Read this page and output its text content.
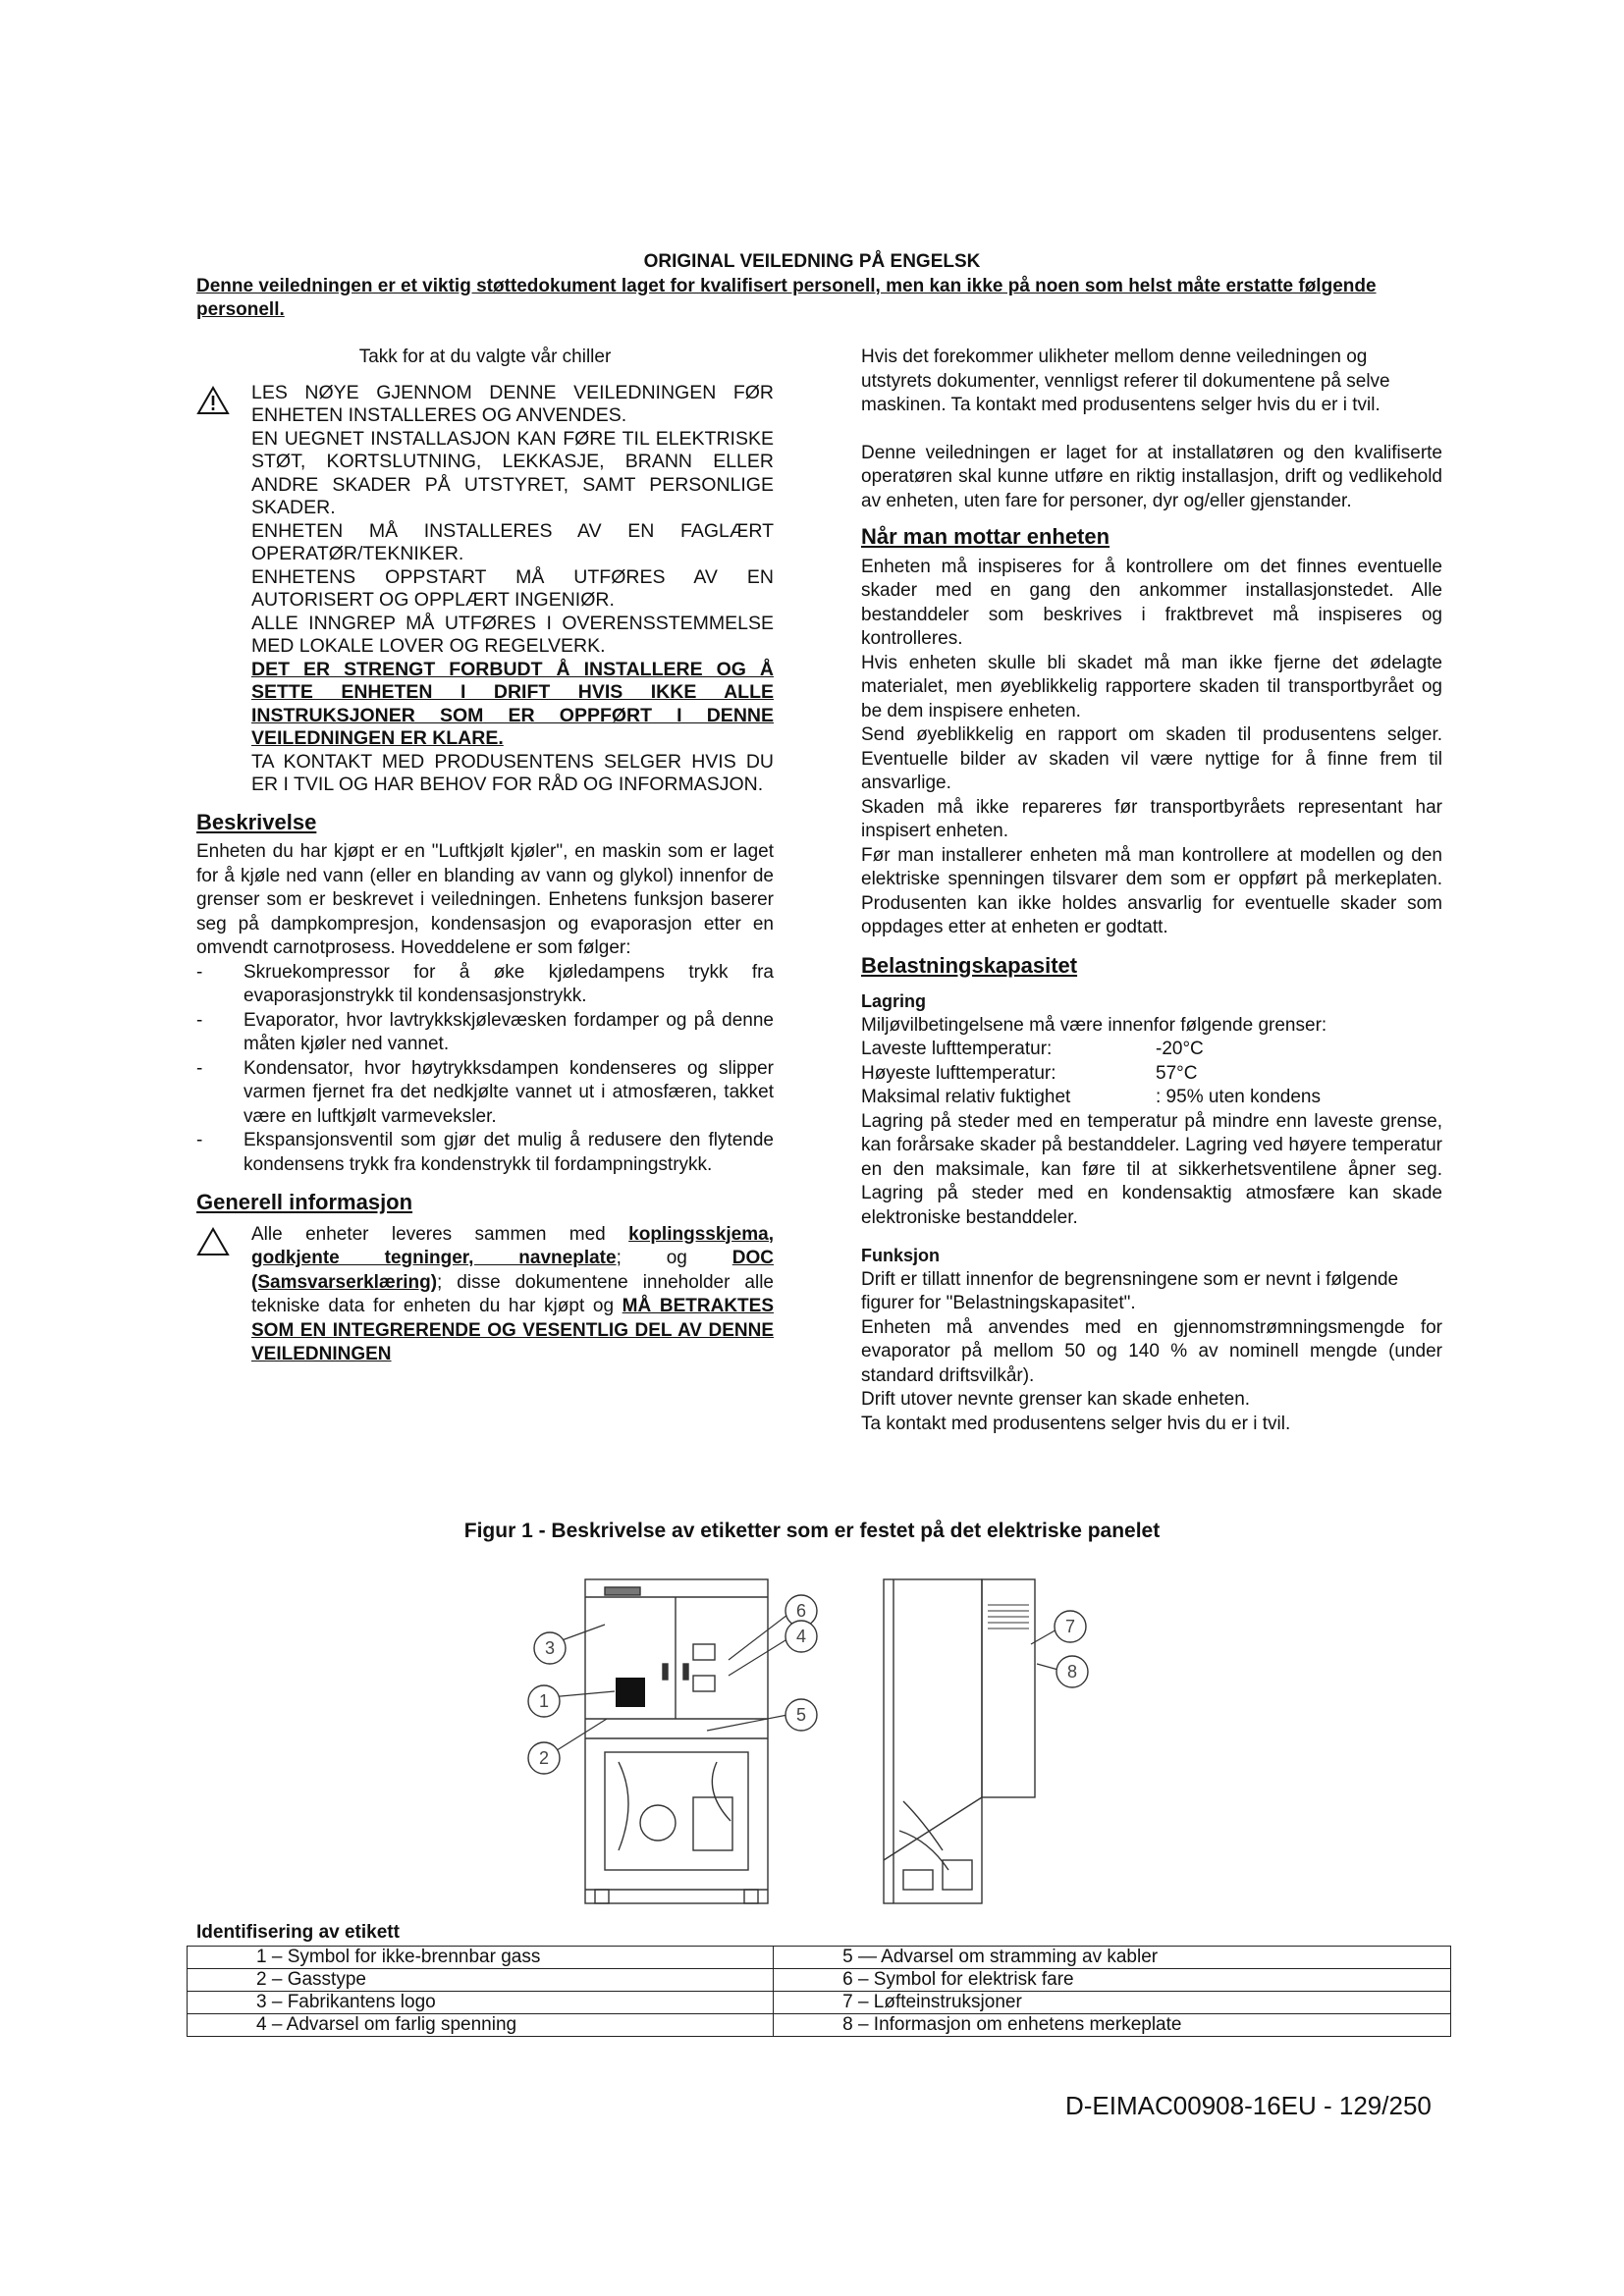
ORIGINAL VEILEDNING PÅ ENGELSK
Denne veiledningen er et viktig støttedokument laget for kvalifisert personell, men kan ikke på noen som helst måte erstatte følgende personell.

Takk for at du valgte vår chiller

LES NØYE GJENNOM DENNE VEILEDNINGEN FØR ENHETEN INSTALLERES OG ANVENDES.

EN UEGNET INSTALLASJON KAN FØRE TIL ELEKTRISKE STØT, KORTSLUTNING, LEKKASJE, BRANN ELLER ANDRE SKADER PÅ UTSTYRET, SAMT PERSONLIGE SKADER.

ENHETEN MÅ INSTALLERES AV EN FAGLÆRT OPERATØR/TEKNIKER.

ENHETENS OPPSTART MÅ UTFØRES AV EN AUTORISERT OG OPPLÆRT INGENIØR.

ALLE INNGREP MÅ UTFØRES I OVERENSSTEMMELSE MED LOKALE LOVER OG REGELVERK.

DET ER STRENGT FORBUDT Å INSTALLERE OG Å SETTE ENHETEN I DRIFT HVIS IKKE ALLE INSTRUKSJONER SOM ER OPPFØRT I DENNE VEILEDNINGEN ER KLARE.

TA KONTAKT MED PRODUSENTENS SELGER HVIS DU ER I TVIL OG HAR BEHOV FOR RÅD OG INFORMASJON.

Beskrivelse

Enheten du har kjøpt er en "Luftkjølt kjøler", en maskin som er laget for å kjøle ned vann (eller en blanding av vann og glykol) innenfor de grenser som er beskrevet i veiledningen. Enhetens funksjon baserer seg på dampkompresjon, kondensasjon og evaporasjon etter en omvendt carnotprosess. Hoveddelene er som følger:

- Skruekompressor for å øke kjøledampens trykk fra evaporasjonstrykk til kondensasjonstrykk.
- Evaporator, hvor lavtrykkskjølevæsken fordamper og på denne måten kjøler ned vannet.
- Kondensator, hvor høytrykksdampen kondenseres og slipper varmen fjernet fra det nedkjølte vannet ut i atmosfæren, takket være en luftkjølt varmeveksler.
- Ekspansjonsventil som gjør det mulig å redusere den flytende kondensens trykk fra kondenstrykk til fordampningstrykk.
Generell informasjon

Alle enheter leveres sammen med koplingsskjema, godkjente tegninger, navneplate; og DOC (Samsvarserklæring); disse dokumentene inneholder alle tekniske data for enheten du har kjøpt og MÅ BETRAKTES SOM EN INTEGRERENDE OG VESENTLIG DEL AV DENNE VEILEDNINGEN

Hvis det forekommer ulikheter mellom denne veiledningen og utstyrets dokumenter, vennligst referer til dokumentene på selve maskinen. Ta kontakt med produsentens selger hvis du er i tvil.

Denne veiledningen er laget for at installatøren og den kvalifiserte operatøren skal kunne utføre en riktig installasjon, drift og vedlikehold av enheten, uten fare for personer, dyr og/eller gjenstander.

Når man mottar enheten

Enheten må inspiseres for å kontrollere om det finnes eventuelle skader med en gang den ankommer installasjonstedet. Alle bestanddeler som beskrives i fraktbrevet må inspiseres og kontrolleres.

Hvis enheten skulle bli skadet må man ikke fjerne det ødelagte materialet, men øyeblikkelig rapportere skaden til transportbyrået og be dem inspisere enheten.

Send øyeblikkelig en rapport om skaden til produsentens selger. Eventuelle bilder av skaden vil være nyttige for å finne frem til ansvarlige.

Skaden må ikke repareres før transportbyråets representant har inspisert enheten.

Før man installerer enheten må man kontrollere at modellen og den elektriske spenningen tilsvarer dem som er oppført på merkeplaten. Produsenten kan ikke holdes ansvarlig for eventuelle skader som oppdages etter at enheten er godtatt.

Belastningskapasitet
Lagring

Miljøvilbetingelsene må være innenfor følgende grenser:

Laveste lufttemperatur:	-20°C
Høyeste lufttemperatur:	57°C
Maksimal relativ fuktighet	: 95% uten kondens

Lagring på steder med en temperatur på mindre enn laveste grense, kan forårsake skader på bestanddeler. Lagring ved høyere temperatur en den maksimale, kan føre til at sikkerhetsventilene åpner seg. Lagring på steder med en kondensaktig atmosfære kan skade elektroniske bestanddeler.

Funksjon

Drift er tillatt innenfor de begrensningene som er nevnt i følgende figurer for "Belastningskapasitet".

Enheten må anvendes med en gjennomstrømningsmengde for evaporator på mellom 50 og 140 % av nominell mengde (under standard driftsvilkår).

Drift utover nevnte grenser kan skade enheten.

Ta kontakt med produsentens selger hvis du er i tvil.

Figur 1 - Beskrivelse av etiketter som er festet på det elektriske panelet
3
1
2
6
4
5
7
8
Identifisering av etikett
1 – Symbol for ikke-brennbar gass	5 — Advarsel om stramming av kabler
2 – Gasstype	6 – Symbol for elektrisk fare
3 – Fabrikantens logo	7 – Løfteinstruksjoner
4 – Advarsel om farlig spenning	8 – Informasjon om enhetens merkeplate
D-EIMAC00908-16EU - 129/250
